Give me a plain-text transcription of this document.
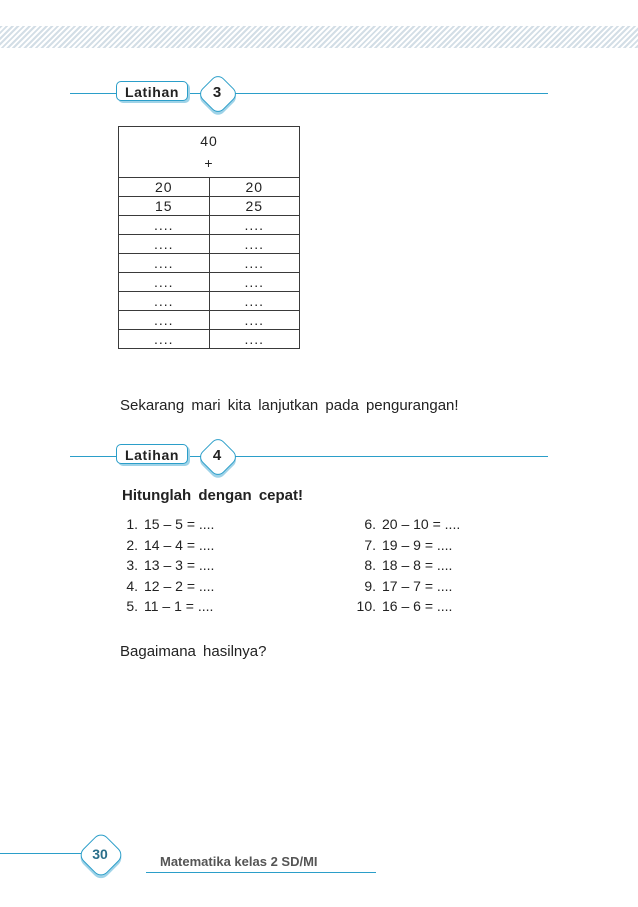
Latihan	3
40
+	

20	20
15	25
....	....
....	....
....	....
....	....
....	....
....	....
....	....
Sekarang mari kita lanjutkan pada pengurangan!
Latihan	4
Hitunglah dengan cepat!
1. 15 – 5 = ....
2. 14 – 4 = ....
3. 13 – 3 = ....
4. 12 – 2 = ....
5. 11 – 1 = ....
6. 20 – 10 = ....
7. 19 – 9 = ....
8. 18 – 8 = ....
9. 17 – 7 = ....
10. 16 – 6 = ....
Bagaimana hasilnya?
30	Matematika kelas 2 SD/MI
